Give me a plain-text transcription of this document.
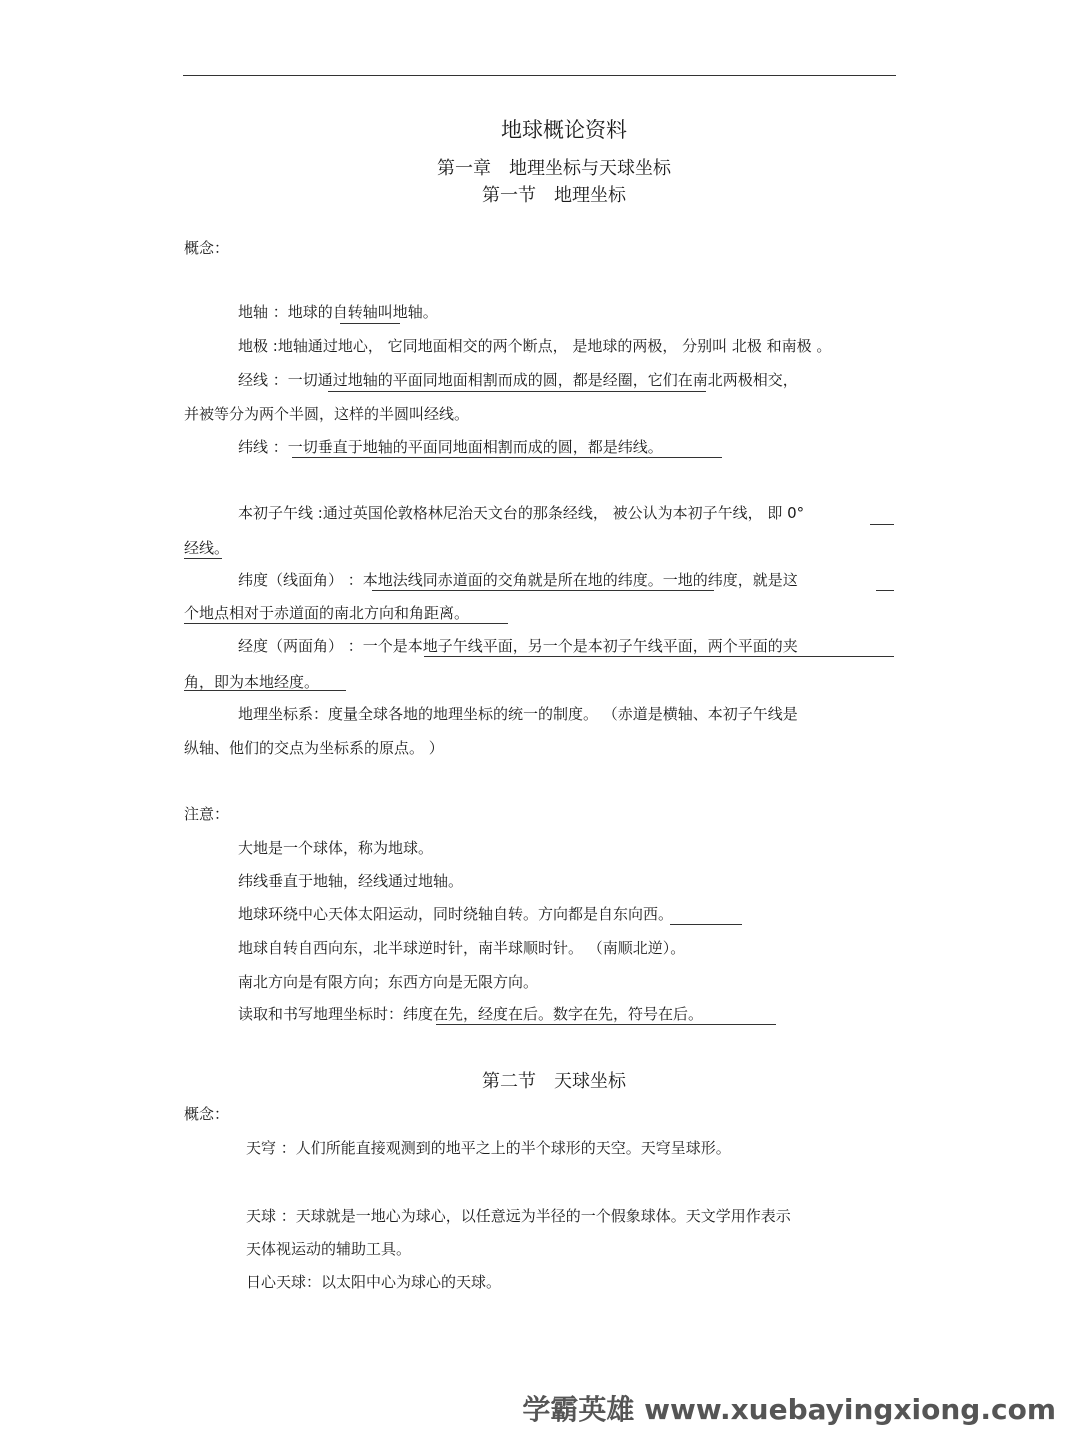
地球概论资料
第一章　地理坐标与天球坐标
第一节　地理坐标
概念：
地轴 ：地球的自转轴叫地轴。
地极 :地轴通过地心， 它同地面相交的两个断点， 是地球的两极， 分别叫 北极 和南极 。
经线 ：一切通过地轴的平面同地面相割而成的圆，都是经圈，它们在南北两极相交，
并被等分为两个半圆，这样的半圆叫经线。
纬线 ：一切垂直于地轴的平面同地面相割而成的圆，都是纬线。
本初子午线 :通过英国伦敦格林尼治天文台的那条经线， 被公认为本初子午线， 即 0°
经线。
纬度（线面角） ：本地法线同赤道面的交角就是所在地的纬度。一地的纬度，就是这
个地点相对于赤道面的南北方向和角距离。
经度（两面角） ：一个是本地子午线平面，另一个是本初子午线平面，两个平面的夹
角，即为本地经度。
地理坐标系：度量全球各地的地理坐标的统一的制度。 （赤道是横轴、本初子午线是
纵轴、他们的交点为坐标系的原点。 ）
注意：
大地是一个球体，称为地球。
纬线垂直于地轴，经线通过地轴。
地球环绕中心天体太阳运动，同时绕轴自转。方向都是自东向西。
地球自转自西向东，北半球逆时针，南半球顺时针。 （南顺北逆）。
南北方向是有限方向；东西方向是无限方向。
读取和书写地理坐标时：纬度在先，经度在后。数字在先，符号在后。
第二节　天球坐标
概念：
天穹 ：人们所能直接观测到的地平之上的半个球形的天空。天穹呈球形。
天球 ：天球就是一地心为球心，以任意远为半径的一个假象球体。天文学用作表示
天体视运动的辅助工具。
日心天球：以太阳中心为球心的天球。
学霸英雄 www.xuebayingxiong.com
